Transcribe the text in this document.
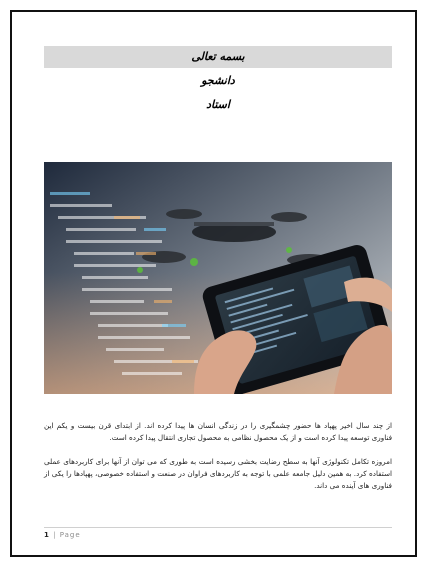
بسمه تعالی
دانشجو
استاد
از چند سال اخیر پهپاد ها حضور چشمگیری را در زندگی انسان ها پیدا کرده اند. از ابتدای قرن بیست و یکم این فناوری توسعه پیدا کرده است و از یک محصول نظامی به محصول تجاری انتقال پیدا کرده است.
امروزه تکامل تکنولوژی آنها به سطح رضایت بخشی رسیده است به طوری که می توان از آنها برای کاربردهای عملی استفاده کرد. به همین دلیل جامعه علمی با توجه به کاربردهای فراوان در صنعت و استفاده خصوصی، پهپادها را یکی از فناوری های آینده می داند.
1 | Page
